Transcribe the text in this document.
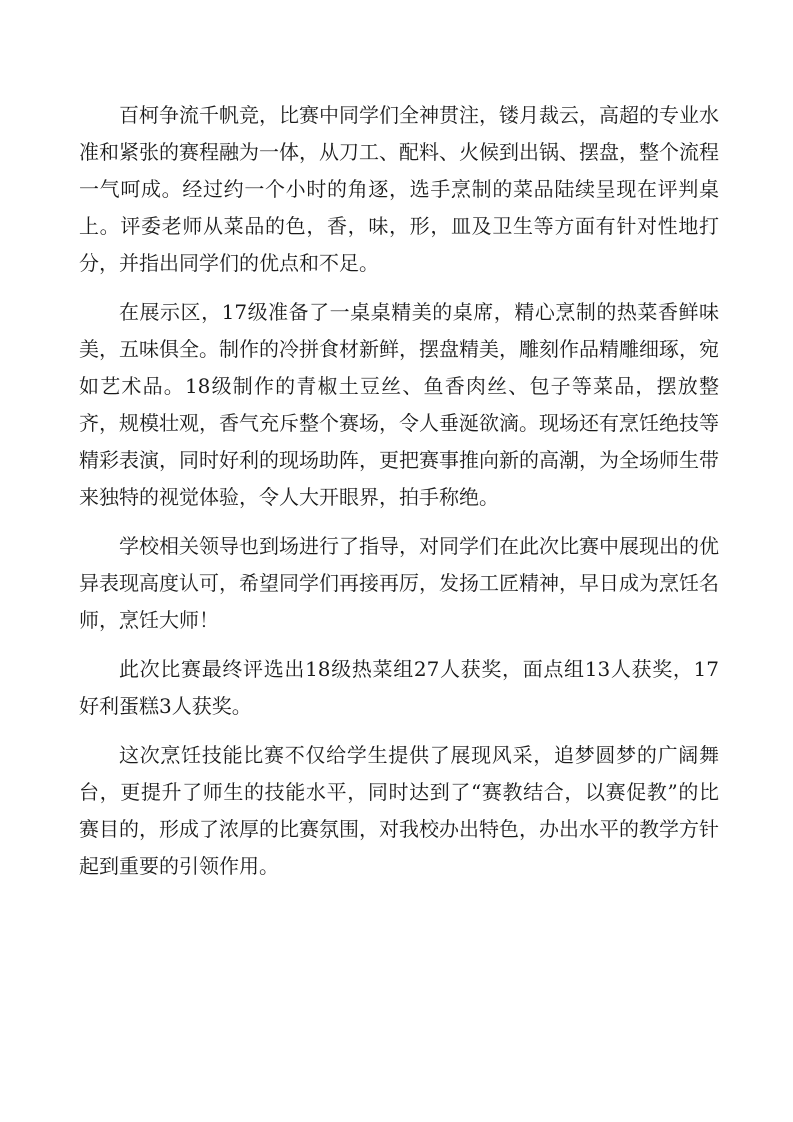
百柯争流千帆竞，比赛中同学们全神贯注，镂月裁云，高超的专业水准和紧张的赛程融为一体，从刀工、配料、火候到出锅、摆盘，整个流程一气呵成。经过约一个小时的角逐，选手烹制的菜品陆续呈现在评判桌上。评委老师从菜品的色，香，味，形，皿及卫生等方面有针对性地打分，并指出同学们的优点和不足。

在展示区，17级准备了一桌桌精美的桌席，精心烹制的热菜香鲜味美，五味俱全。制作的冷拼食材新鲜，摆盘精美，雕刻作品精雕细琢，宛如艺术品。18级制作的青椒土豆丝、鱼香肉丝、包子等菜品，摆放整齐，规模壮观，香气充斥整个赛场，令人垂涎欲滴。现场还有烹饪绝技等精彩表演，同时好利的现场助阵，更把赛事推向新的高潮，为全场师生带来独特的视觉体验，令人大开眼界，拍手称绝。

学校相关领导也到场进行了指导，对同学们在此次比赛中展现出的优异表现高度认可，希望同学们再接再厉，发扬工匠精神，早日成为烹饪名师，烹饪大师！

此次比赛最终评选出18级热菜组27人获奖，面点组13人获奖，17好利蛋糕3人获奖。

这次烹饪技能比赛不仅给学生提供了展现风采，追梦圆梦的广阔舞台，更提升了师生的技能水平，同时达到了“赛教结合，以赛促教”的比赛目的，形成了浓厚的比赛氛围，对我校办出特色，办出水平的教学方针起到重要的引领作用。
